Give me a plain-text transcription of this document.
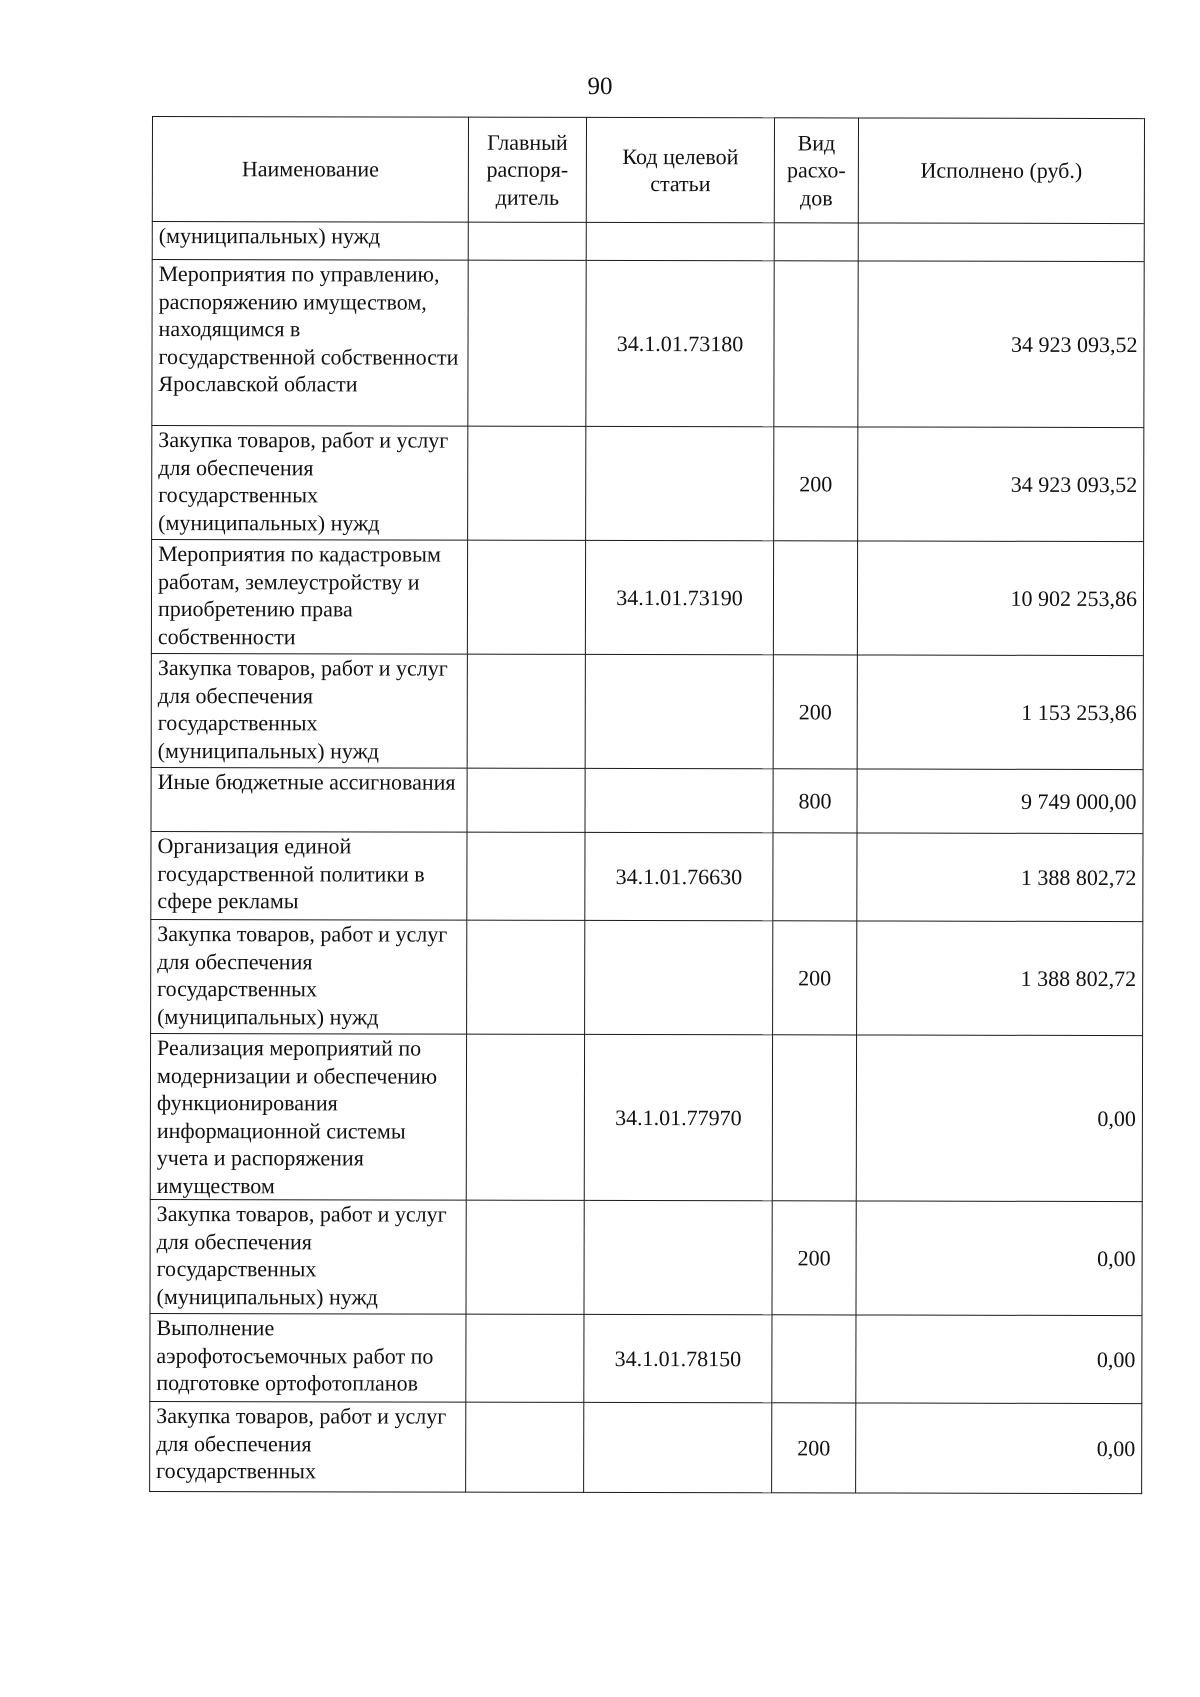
90
Наименование	Главный распоря-дитель	Код целевой статьи	Вид расхо-дов	Исполнено (руб.)
(муниципальных) нужд				
Мероприятия по управлению, распоряжению имуществом, находящимся в государственной собственности Ярославской области		34.1.01.73180		34 923 093,52
Закупка товаров, работ и услуг для обеспечения государственных (муниципальных) нужд			200	34 923 093,52
Мероприятия по кадастровым работам, землеустройству и приобретению права собственности		34.1.01.73190		10 902 253,86
Закупка товаров, работ и услуг для обеспечения государственных (муниципальных) нужд			200	1 153 253,86
Иные бюджетные ассигнования			800	9 749 000,00
Организация единой государственной политики в сфере рекламы		34.1.01.76630		1 388 802,72
Закупка товаров, работ и услуг для обеспечения государственных (муниципальных) нужд			200	1 388 802,72
Реализация мероприятий по модернизации и обеспечению функционирования информационной системы учета и распоряжения имуществом		34.1.01.77970		0,00
Закупка товаров, работ и услуг для обеспечения государственных (муниципальных) нужд			200	0,00
Выполнение аэрофотосъемочных работ по подготовке ортофотопланов		34.1.01.78150		0,00
Закупка товаров, работ и услуг для обеспечения государственных			200	0,00
